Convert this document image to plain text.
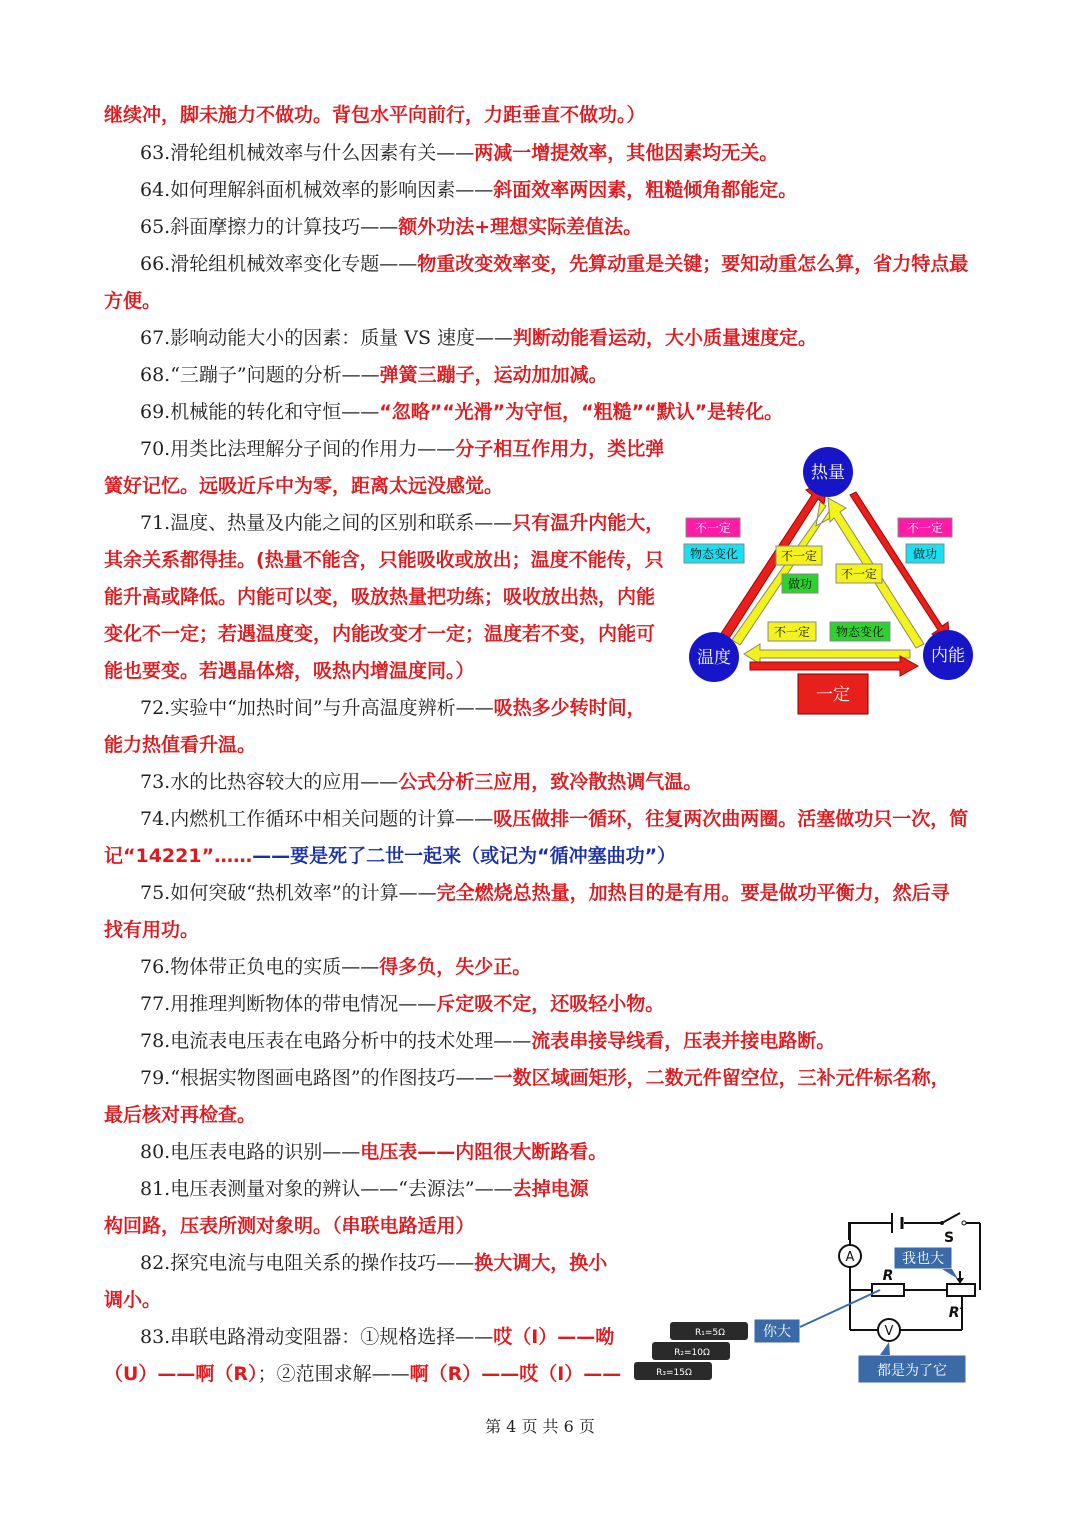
继续冲，脚未施力不做功。背包水平向前行，力距垂直不做功。）
63.滑轮组机械效率与什么因素有关——两减一增提效率，其他因素均无关。
64.如何理解斜面机械效率的影响因素——斜面效率两因素，粗糙倾角都能定。
65.斜面摩擦力的计算技巧——额外功法+理想实际差值法。
66.滑轮组机械效率变化专题——物重改变效率变，先算动重是关键；要知动重怎么算，省力特点最
方便。
67.影响动能大小的因素：质量 VS 速度——判断动能看运动，大小质量速度定。
68.“三蹦子”问题的分析——弹簧三蹦子，运动加加减。
69.机械能的转化和守恒——“忽略”“光滑”为守恒，“粗糙”“默认”是转化。
70.用类比法理解分子间的作用力——分子相互作用力，类比弹
簧好记忆。远吸近斥中为零，距离太远没感觉。
71.温度、热量及内能之间的区别和联系——只有温升内能大，
其余关系都得挂。(热量不能含，只能吸收或放出；温度不能传，只
能升高或降低。内能可以变，吸放热量把功练；吸收放出热，内能
变化不一定；若遇温度变，内能改变才一定；温度若不变，内能可
能也要变。若遇晶体熔，吸热内增温度同。）
72.实验中“加热时间”与升高温度辨析——吸热多少转时间，
能力热值看升温。
73.水的比热容较大的应用——公式分析三应用，致冷散热调气温。
74.内燃机工作循环中相关问题的计算——吸压做排一循环，往复两次曲两圈。活塞做功只一次，简
记“14221”……——要是死了二世一起来（或记为“循冲塞曲功”）
75.如何突破“热机效率”的计算——完全燃烧总热量，加热目的是有用。要是做功平衡力，然后寻
找有用功。
76.物体带正负电的实质——得多负，失少正。
77.用推理判断物体的带电情况——斥定吸不定，还吸轻小物。
78.电流表电压表在电路分析中的技术处理——流表串接导线看，压表并接电路断。
79.“根据实物图画电路图”的作图技巧——一数区域画矩形，二数元件留空位，三补元件标名称，
最后核对再检查。
80.电压表电路的识别——电压表——内阻很大断路看。
81.电压表测量对象的辨认——“去源法”——去掉电源
构回路，压表所测对象明。（串联电路适用）
82.探究电流与电阻关系的操作技巧——换大调大，换小
调小。
83.串联电路滑动变阻器：①规格选择——哎（I）——呦
（U）——啊（R）；②范围求解——啊（R）——哎（I）——
热量
温度	内能
不一定
物态变化	不一定
做功
不一定
不一定
做功
不一定 物态变化
一定
R₁=5Ω
R₂=10Ω
R₃=15Ω
S
A
R
R′
V
我也大
你大
都是为了它
第 4 页 共 6 页
